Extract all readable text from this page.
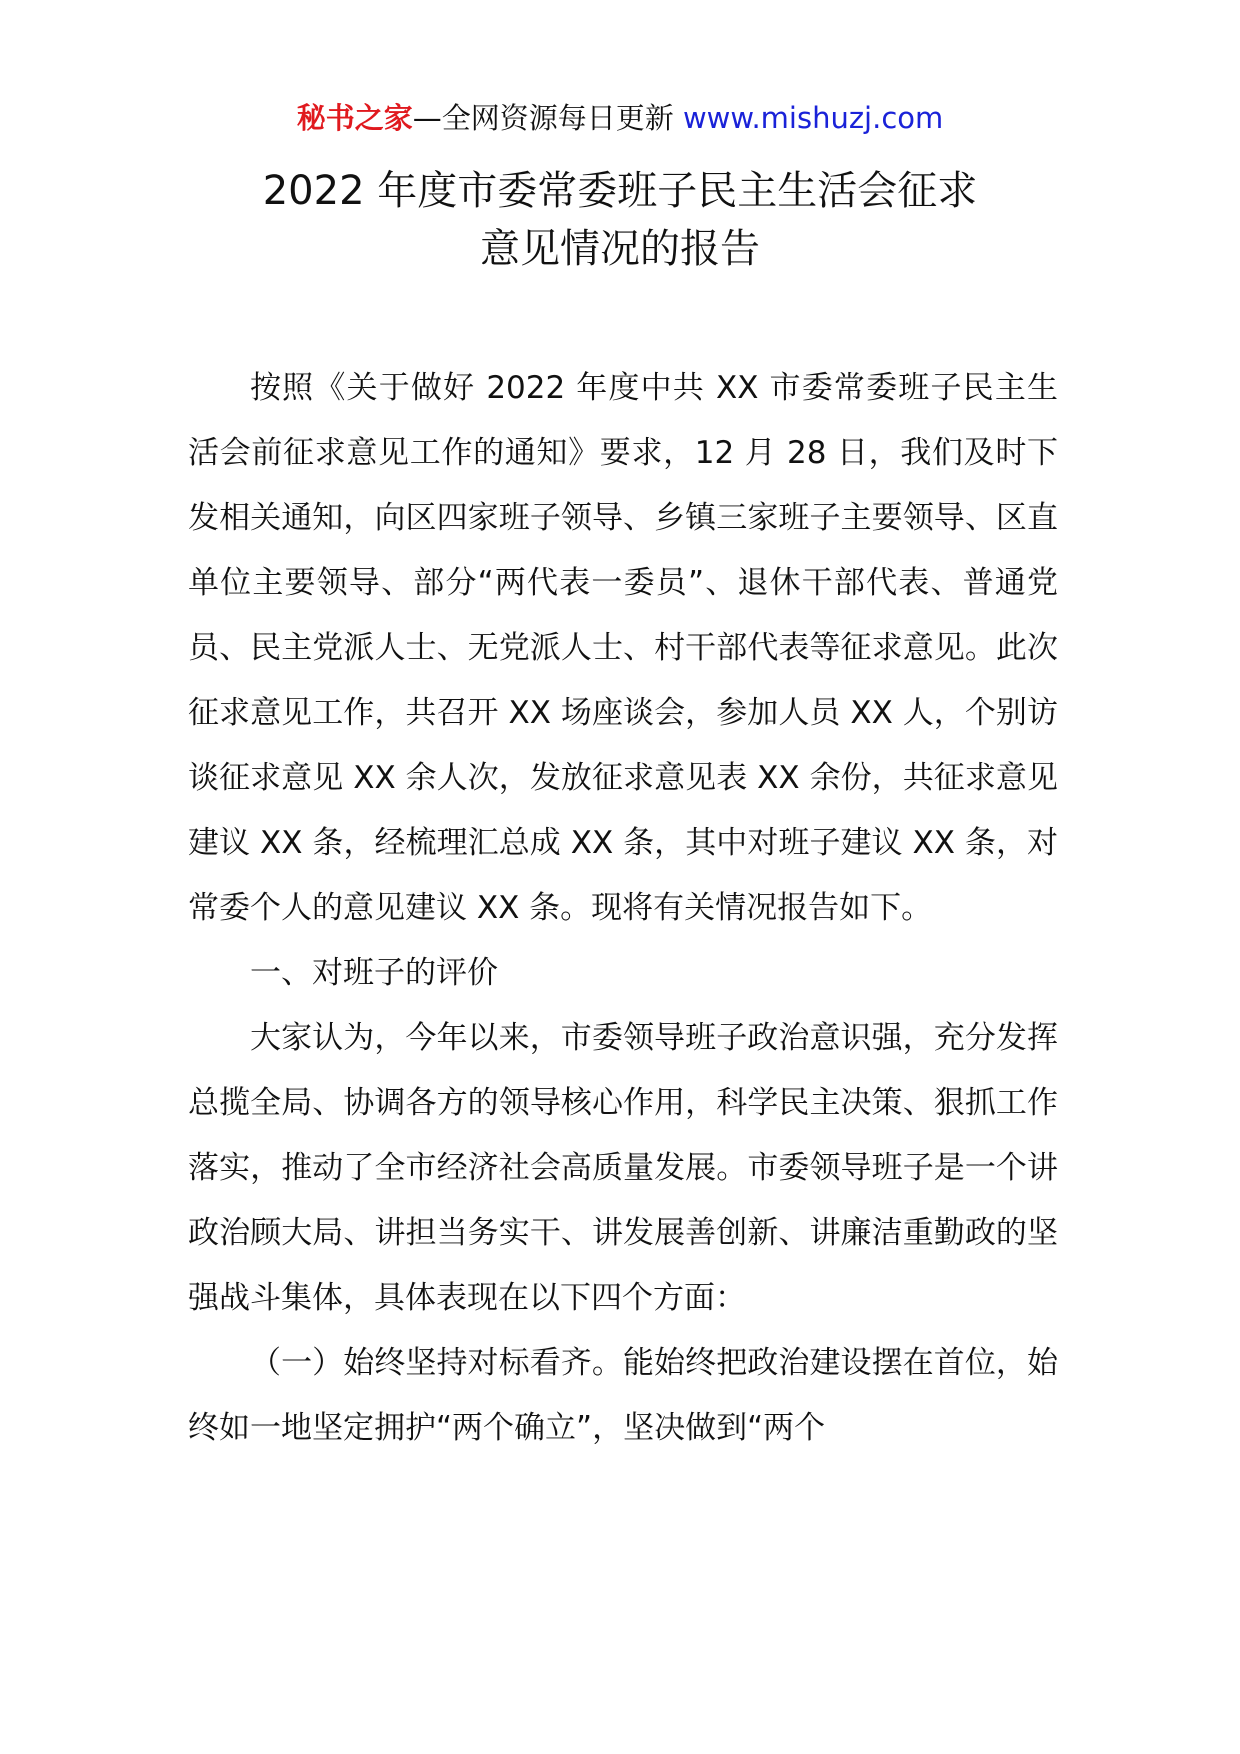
秘书之家—全网资源每日更新 www.mishuzj.com
2022 年度市委常委班子民主生活会征求
意见情况的报告

按照《关于做好 2022 年度中共 XX 市委常委班子民主生活会前征求意见工作的通知》要求，12 月 28 日，我们及时下发相关通知，向区四家班子领导、乡镇三家班子主要领导、区直单位主要领导、部分“两代表一委员”、退休干部代表、普通党员、民主党派人士、无党派人士、村干部代表等征求意见。此次征求意见工作，共召开 XX 场座谈会，参加人员 XX 人，个别访谈征求意见 XX 余人次，发放征求意见表 XX 余份，共征求意见建议 XX 条，经梳理汇总成 XX 条，其中对班子建议 XX 条，对常委个人的意见建议 XX 条。现将有关情况报告如下。

一、对班子的评价

大家认为，今年以来，市委领导班子政治意识强，充分发挥总揽全局、协调各方的领导核心作用，科学民主决策、狠抓工作落实，推动了全市经济社会高质量发展。市委领导班子是一个讲政治顾大局、讲担当务实干、讲发展善创新、讲廉洁重勤政的坚强战斗集体，具体表现在以下四个方面：

（一）始终坚持对标看齐。能始终把政治建设摆在首位，始终如一地坚定拥护“两个确立”，坚决做到“两个
